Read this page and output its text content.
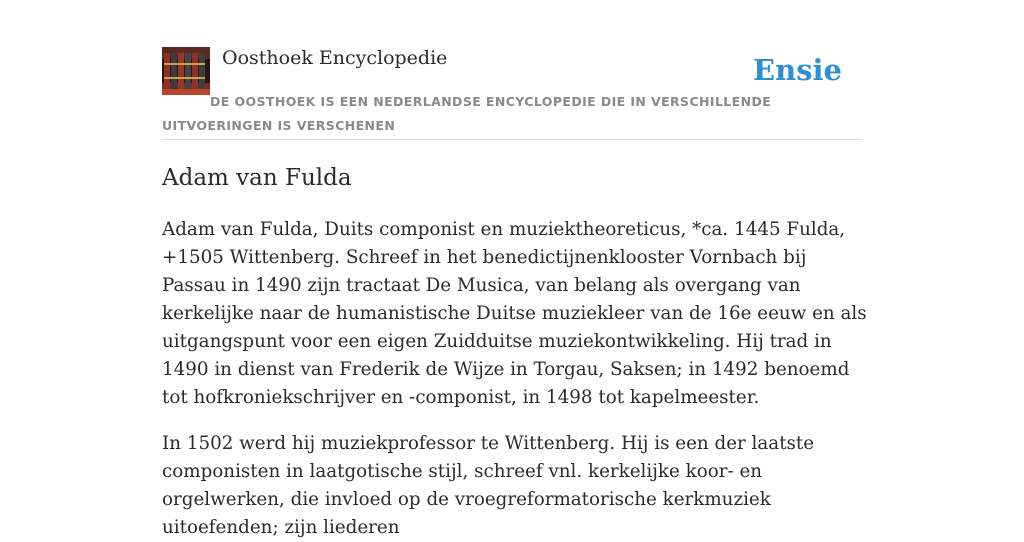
Oosthoek Encyclopedie	Ensie
DE OOSTHOEK IS EEN NEDERLANDSE ENCYCLOPEDIE DIE IN VERSCHILLENDE UITVOERINGEN IS VERSCHENEN
Adam van Fulda

Adam van Fulda, Duits componist en muziektheoreticus, *ca. 1445 Fulda, +1505 Wittenberg. Schreef in het benedictijnenklooster Vornbach bij Passau in 1490 zijn tractaat De Musica, van belang als overgang van kerkelijke naar de humanistische Duitse muziekleer van de 16e eeuw en als uitgangspunt voor een eigen Zuidduitse muziekontwikkeling. Hij trad in 1490 in dienst van Frederik de Wijze in Torgau, Saksen; in 1492 benoemd tot hofkroniekschrijver en -componist, in 1498 tot kapelmeester.

In 1502 werd hij muziekprofessor te Wittenberg. Hij is een der laatste componisten in laatgotische stijl, schreef vnl. kerkelijke koor- en orgelwerken, die invloed op de vroegreformatorische kerkmuziek uitoefenden; zijn liederen
